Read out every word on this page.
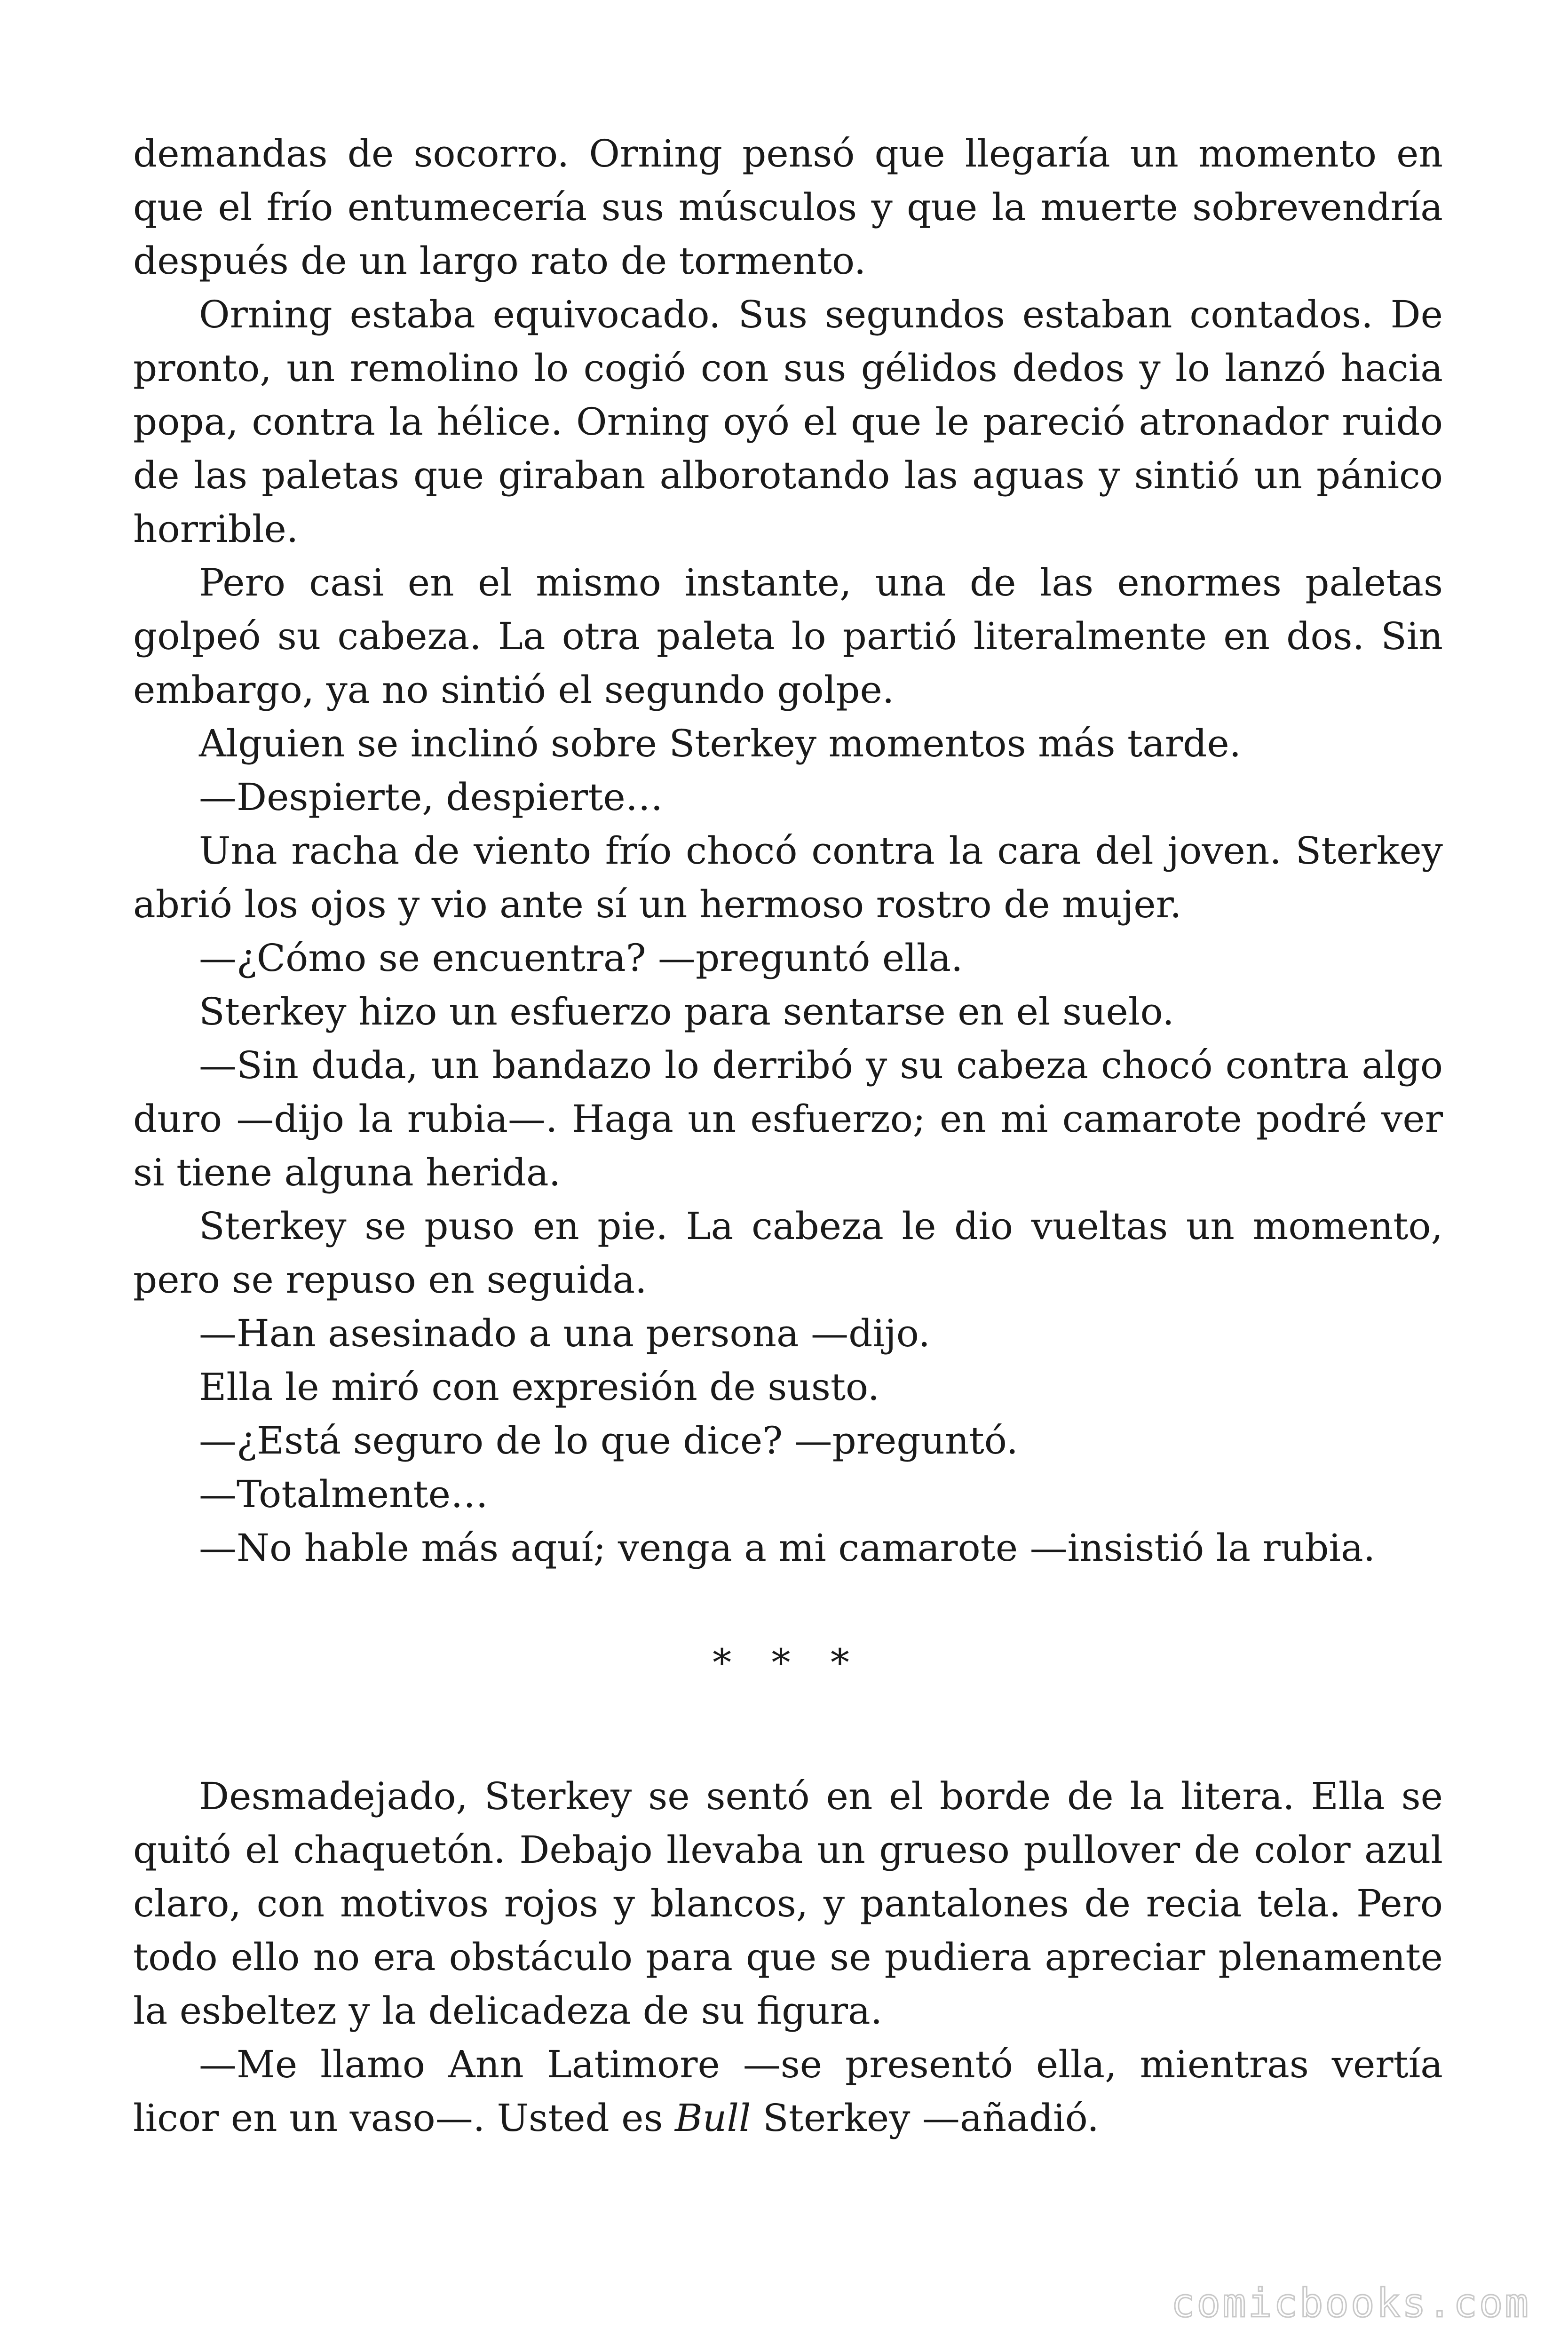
demandas de socorro. Orning pensó que llegaría un momento en que el frío entumecería sus músculos y que la muerte sobrevendría después de un largo rato de tormento.

Orning estaba equivocado. Sus segundos estaban contados. De pronto, un remolino lo cogió con sus gélidos dedos y lo lanzó hacia popa, contra la hélice. Orning oyó el que le pareció atronador ruido de las paletas que giraban alborotando las aguas y sintió un pánico horrible.

Pero casi en el mismo instante, una de las enormes paletas golpeó su cabeza. La otra paleta lo partió literalmente en dos. Sin embargo, ya no sintió el segundo golpe.

Alguien se inclinó sobre Sterkey momentos más tarde.

—Despierte, despierte…

Una racha de viento frío chocó contra la cara del joven. Sterkey abrió los ojos y vio ante sí un hermoso rostro de mujer.

—¿Cómo se encuentra? —preguntó ella.

Sterkey hizo un esfuerzo para sentarse en el suelo.

—Sin duda, un bandazo lo derribó y su cabeza chocó contra algo duro —dijo la rubia—. Haga un esfuerzo; en mi camarote podré ver si tiene alguna herida.

Sterkey se puso en pie. La cabeza le dio vueltas un momento, pero se repuso en seguida.

—Han asesinado a una persona —dijo.

Ella le miró con expresión de susto.

—¿Está seguro de lo que dice? —preguntó.

—Totalmente…

—No hable más aquí; venga a mi camarote —insistió la rubia.

* * *

Desmadejado, Sterkey se sentó en el borde de la litera. Ella se quitó el chaquetón. Debajo llevaba un grueso pullover de color azul claro, con motivos rojos y blancos, y pantalones de recia tela. Pero todo ello no era obstáculo para que se pudiera apreciar plenamente la esbeltez y la delicadeza de su figura.

—Me llamo Ann Latimore —se presentó ella, mientras vertía licor en un vaso—. Usted es Bull Sterkey —añadió.

comicbooks.com
